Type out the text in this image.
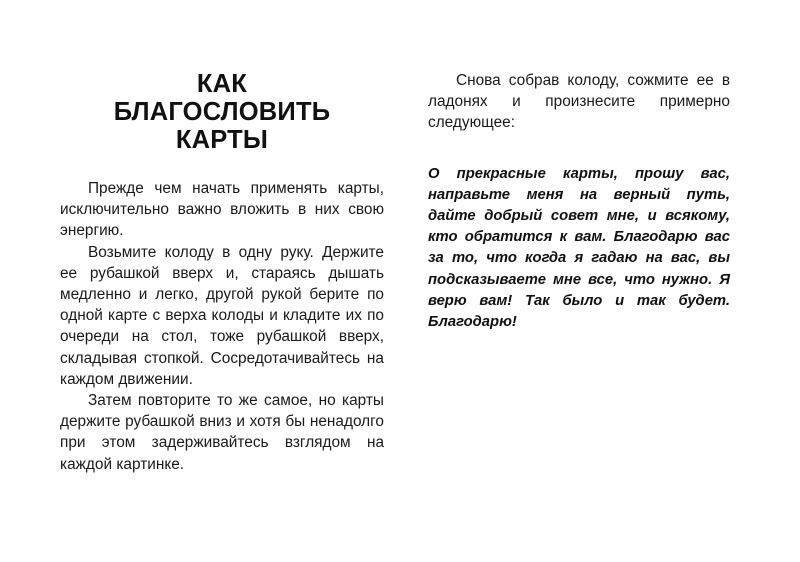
КАК
БЛАГОСЛОВИТЬ
КАРТЫ

Прежде чем начать применять карты, исключительно важно вложить в них свою энергию.

Возьмите колоду в одну руку. Держите ее рубашкой вверх и, стараясь дышать медленно и легко, другой рукой берите по одной карте с верха колоды и кладите их по очереди на стол, тоже рубашкой вверх, складывая стопкой. Сосредотачивайтесь на каждом движении.

Затем повторите то же самое, но карты держите рубашкой вниз и хотя бы ненадолго при этом задерживайтесь взглядом на каждой картинке.

Снова собрав колоду, сожмите ее в ладонях и произнесите примерно следующее:

О прекрасные карты, прошу вас, направьте меня на верный путь, дайте добрый совет мне, и всякому, кто обратится к вам. Благодарю вас за то, что когда я гадаю на вас, вы подсказываете мне все, что нужно. Я верю вам! Так было и так будет. Благодарю!
